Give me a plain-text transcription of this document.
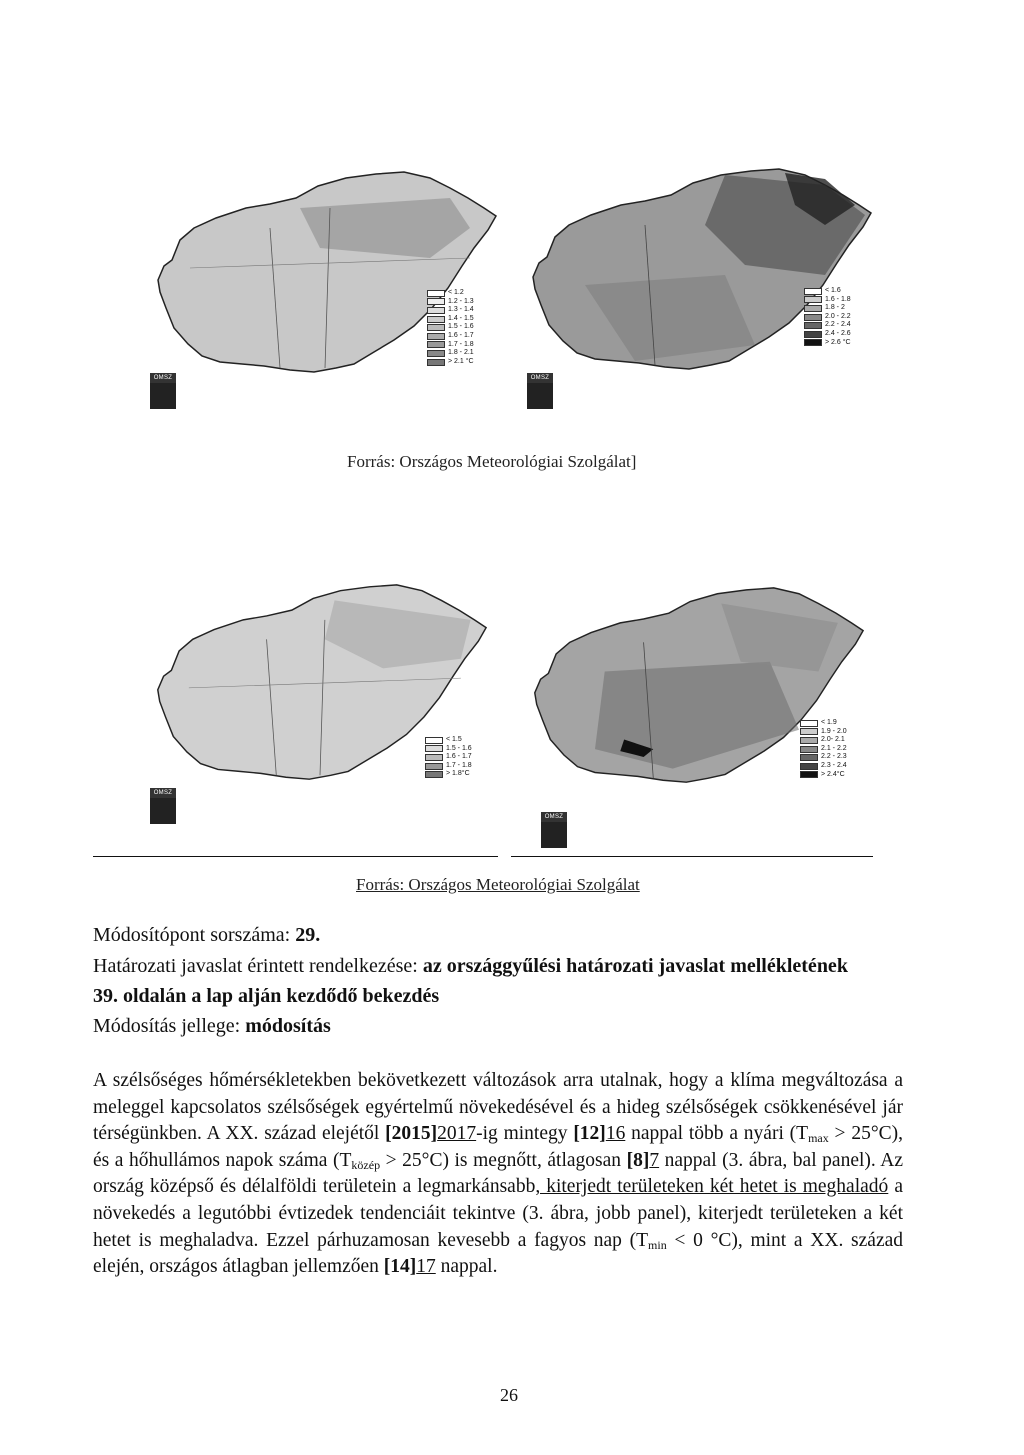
< 1.2
1.2 - 1.3
1.3 - 1.4
1.4 - 1.5
1.5 - 1.6
1.6 - 1.7
1.7 - 1.8
1.8 - 2.1
> 2.1 °C
OMSZ
< 1.6
1.6 - 1.8
1.8 - 2
2.0 - 2.2
2.2 - 2.4
2.4 - 2.6
> 2.6 °C
OMSZ
Forrás: Országos Meteorológiai Szolgálat]
< 1.5
1.5 - 1.6
1.6 - 1.7
1.7 - 1.8
> 1.8°C
OMSZ
< 1.9
1.9 - 2.0
2.0- 2.1
2.1 - 2.2
2.2 - 2.3
2.3 - 2.4
> 2.4°C
OMSZ
Forrás: Országos Meteorológiai Szolgálat
Módosítópont sorszáma: 29.
Határozati javaslat érintett rendelkezése: az országgyűlési határozati javaslat mellékletének
39. oldalán a lap alján kezdődő bekezdés
Módosítás jellege: módosítás
A szélsőséges hőmérsékletekben bekövetkezett változások arra utalnak, hogy a klíma megváltozása a meleggel kapcsolatos szélsőségek egyértelmű növekedésével és a hideg szélsőségek csökkenésével jár térségünkben. A XX. század elejétől [2015]2017-ig mintegy [12]16 nappal több a nyári $(T_{max} > 25^\circ C)$, és a hőhullámos napok száma $(T_{közép} > 25^\circ C)$ is megnőtt, átlagosan [8]7 nappal (3. ábra, bal panel). Az ország középső és délalföldi területein a legmarkánsabb, kiterjedt területeken két hetet is meghaladó a növekedés a legutóbbi évtizedek tendenciáit tekintve (3. ábra, jobb panel), kiterjedt területeken a két hetet is meghaladva. Ezzel párhuzamosan kevesebb a fagyos nap ($T_{min} < 0$ °C), mint a XX. század elején, országos átlagban jellemzően [14]17 nappal.
26
